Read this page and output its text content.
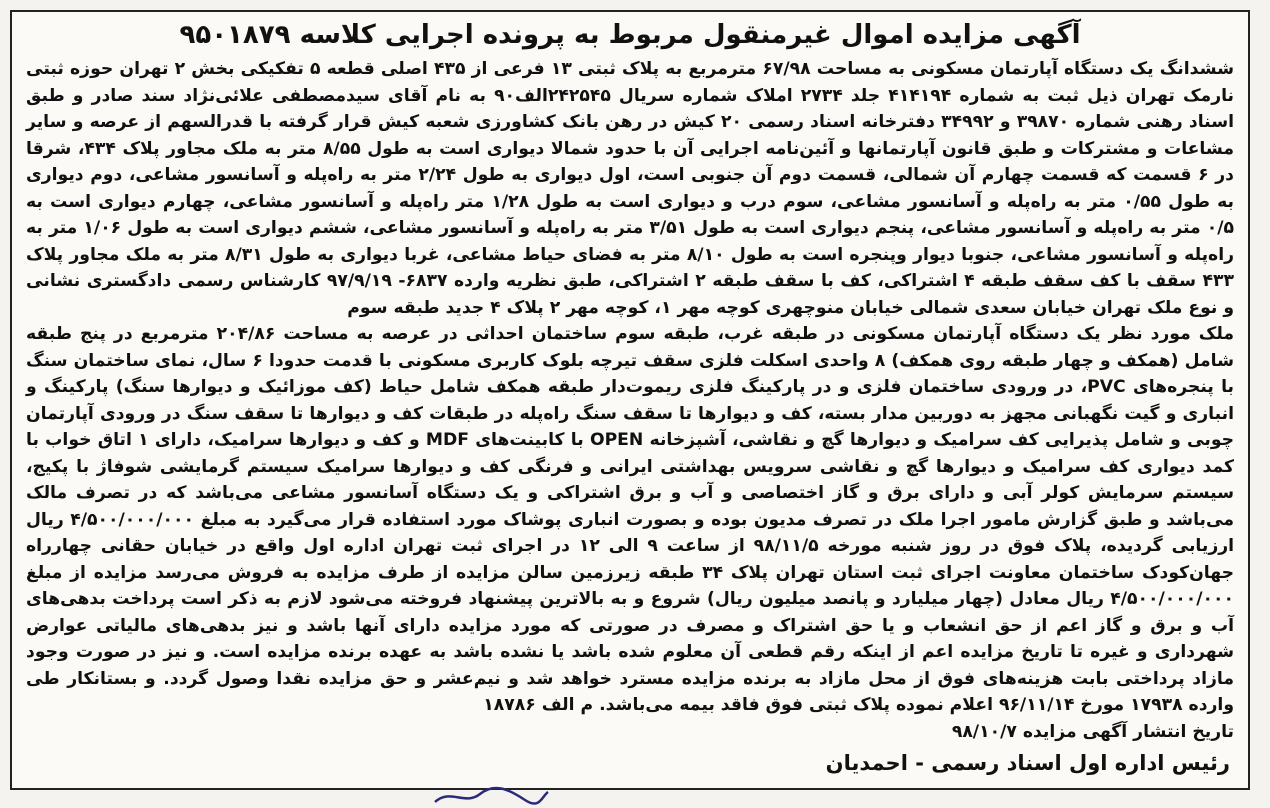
آگهی مزایده اموال غیرمنقول مربوط به پرونده اجرایی کلاسه ۹۵۰۱۸۷۹

ششدانگ یک دستگاه آپارتمان مسکونی به مساحت ۶۷/۹۸ مترمربع به پلاک ثبتی ۱۳ فرعی از ۴۳۵ اصلی قطعه ۵ تفکیکی بخش ۲ تهران حوزه ثبتی نارمک تهران ذیل ثبت به شماره ۴۱۴۱۹۴ جلد ۲۷۳۴ املاک شماره سریال ۲۴۲۵۴۵الف۹۰ به نام آقای سیدمصطفی علائی‌نژاد سند صادر و طبق اسناد رهنی شماره ۳۹۸۷۰ و ۳۴۹۹۲ دفترخانه اسناد رسمی ۲۰ کیش در رهن بانک کشاورزی شعبه کیش قرار گرفته با قدرالسهم از عرصه و سایر مشاعات و مشترکات و طبق قانون آپارتمانها و آئین‌نامه اجرایی آن با حدود شمالا دیواری است به طول ۸/۵۵ متر به ملک مجاور پلاک ۴۳۴، شرقا در ۶ قسمت که قسمت چهارم آن شمالی، قسمت دوم آن جنوبی است، اول دیواری به طول ۲/۲۴ متر به راه‌پله و آسانسور مشاعی، دوم دیواری به طول ۰/۵۵ متر به راه‌پله و آسانسور مشاعی، سوم درب و دیواری است به طول ۱/۲۸ متر راه‌پله و آسانسور مشاعی، چهارم دیواری است به ۰/۵ متر به راه‌پله و آسانسور مشاعی، پنجم دیواری است به طول ۳/۵۱ متر به راه‌پله و آسانسور مشاعی، ششم دیواری است به طول ۱/۰۶ متر به راه‌پله و آسانسور مشاعی، جنوبا دیوار وپنجره است به طول ۸/۱۰ متر به فضای حیاط مشاعی، غربا دیواری به طول ۸/۳۱ متر به ملک مجاور پلاک ۴۳۳ سقف با کف سقف طبقه ۴ اشتراکی، کف با سقف طبقه ۲ اشتراکی، طبق نظریه وارده ۶۸۳۷- ۹۷/۹/۱۹ کارشناس رسمی دادگستری نشانی و نوع ملک تهران خیابان سعدی شمالی خیابان منوچهری کوچه مهر ۱، کوچه مهر ۲ پلاک ۴ جدید طبقه سوم

ملک مورد نظر یک دستگاه آپارتمان مسکونی در طبقه غرب، طبقه سوم ساختمان احداثی در عرصه به مساحت ۲۰۴/۸۶ مترمربع در پنج طبقه شامل (همکف و چهار طبقه روی همکف) ۸ واحدی اسکلت فلزی سقف تیرچه بلوک کاربری مسکونی با قدمت حدودا ۶ سال، نمای ساختمان سنگ با پنجره‌های PVC، در ورودی ساختمان فلزی و در پارکینگ فلزی ریموت‌دار طبقه همکف شامل حیاط (کف موزائیک و دیوارها سنگ) پارکینگ و انباری و گیت نگهبانی مجهز به دوربین مدار بسته، کف و دیوارها تا سقف سنگ راه‌پله در طبقات کف و دیوارها تا سقف سنگ در ورودی آپارتمان چوبی و شامل پذیرایی کف سرامیک و دیوارها گچ و نقاشی، آشپزخانه OPEN با کابینت‌های MDF و کف و دیوارها سرامیک، دارای ۱ اتاق خواب با کمد دیواری کف سرامیک و دیوارها گچ و نقاشی سرویس بهداشتی ایرانی و فرنگی کف و دیوارها سرامیک سیستم گرمایشی شوفاژ با پکیج، سیستم سرمایش کولر آبی و دارای برق و گاز اختصاصی و آب و برق اشتراکی و یک دستگاه آسانسور مشاعی می‌باشد که در تصرف مالک می‌باشد و طبق گزارش مامور اجرا ملک در تصرف مدیون بوده و بصورت انباری پوشاک مورد استفاده قرار می‌گیرد به مبلغ ۴/۵۰۰/۰۰۰/۰۰۰ ریال ارزیابی گردیده، پلاک فوق در روز شنبه مورخه ۹۸/۱۱/۵ از ساعت ۹ الی ۱۲ در اجرای ثبت تهران اداره اول واقع در خیابان حقانی چهارراه جهان‌کودک ساختمان معاونت اجرای ثبت استان تهران پلاک ۳۴ طبقه زیرزمین سالن مزایده از طرف مزایده به فروش می‌رسد مزایده از مبلغ ۴/۵۰۰/۰۰۰/۰۰۰ ریال معادل (چهار میلیارد و پانصد میلیون ریال) شروع و به بالاترین پیشنهاد فروخته می‌شود لازم به ذکر است پرداخت بدهی‌های آب و برق و گاز اعم از حق انشعاب و یا حق اشتراک و مصرف در صورتی که مورد مزایده دارای آنها باشد و نیز بدهی‌های مالیاتی عوارض شهرداری و غیره تا تاریخ مزایده اعم از اینکه رقم قطعی آن معلوم شده باشد یا نشده باشد به عهده برنده مزایده است. و نیز در صورت وجود مازاد پرداختی بابت هزینه‌های فوق از محل مازاد به برنده مزایده مسترد خواهد شد و نیم‌عشر و حق مزایده نقدا وصول گردد. و بستانکار طی وارده ۱۷۹۳۸ مورخ ۹۶/۱۱/۱۴ اعلام نموده پلاک ثبتی فوق فاقد بیمه می‌باشد. م الف ۱۸۷۸۶

تاریخ انتشار آگهی مزایده ۹۸/۱۰/۷
رئیس اداره اول اسناد رسمی - احمدیان
